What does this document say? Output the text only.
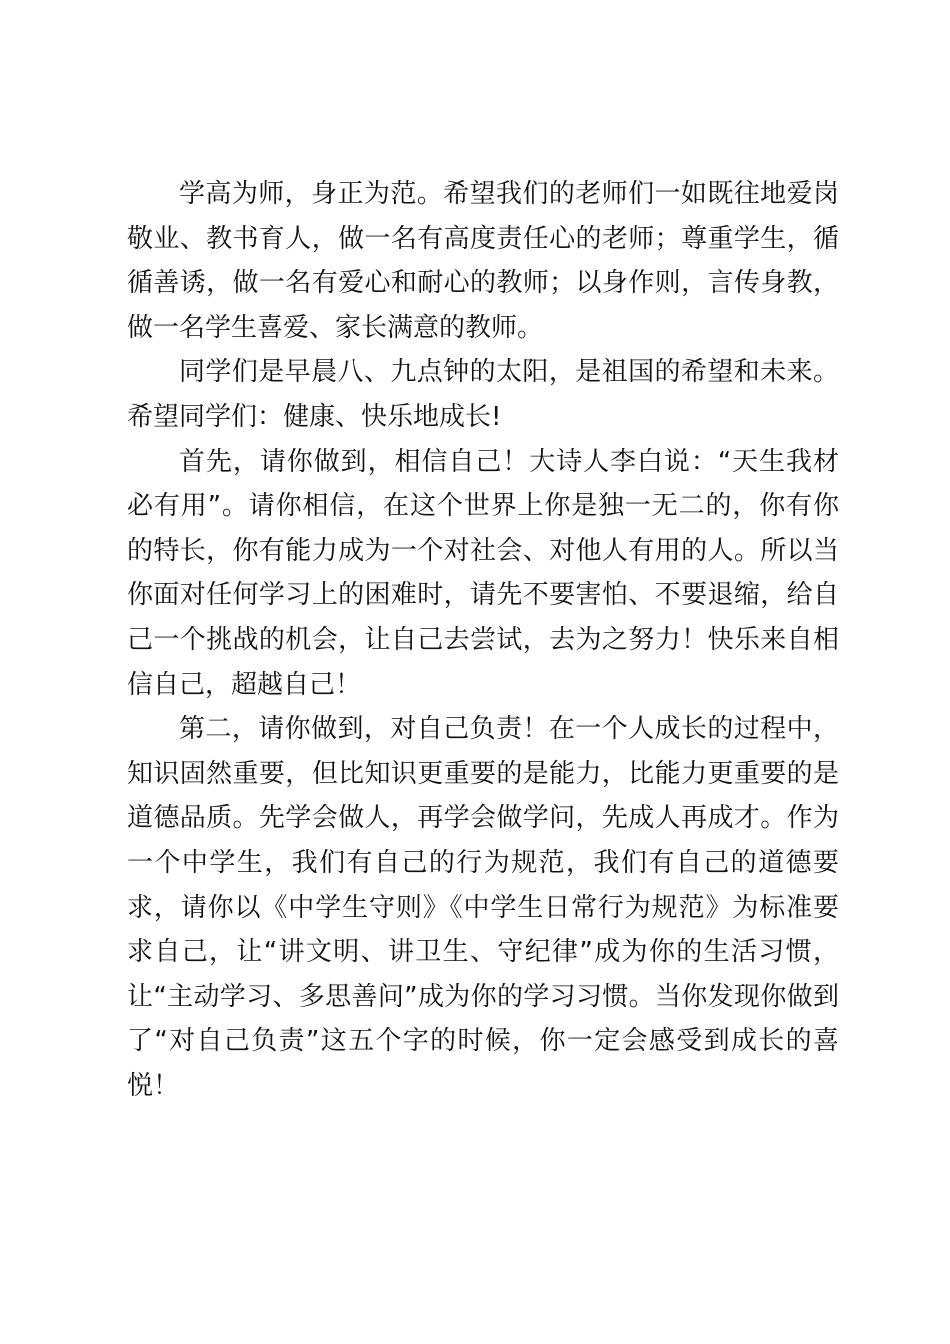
学高为师，身正为范。希望我们的老师们一如既往地爱岗敬业、教书育人，做一名有高度责任心的老师；尊重学生，循循善诱，做一名有爱心和耐心的教师；以身作则，言传身教，做一名学生喜爱、家长满意的教师。

同学们是早晨八、九点钟的太阳，是祖国的希望和未来。希望同学们：健康、快乐地成长!

首先，请你做到，相信自己！大诗人李白说：“天生我材必有用”。请你相信，在这个世界上你是独一无二的，你有你的特长，你有能力成为一个对社会、对他人有用的人。所以当你面对任何学习上的困难时，请先不要害怕、不要退缩，给自己一个挑战的机会，让自己去尝试，去为之努力！快乐来自相信自己，超越自己！

第二，请你做到，对自己负责！在一个人成长的过程中，知识固然重要，但比知识更重要的是能力，比能力更重要的是道德品质。先学会做人，再学会做学问，先成人再成才。作为一个中学生，我们有自己的行为规范，我们有自己的道德要求，请你以《中学生守则》《中学生日常行为规范》为标准要求自己，让“讲文明、讲卫生、守纪律”成为你的生活习惯，让“主动学习、多思善问”成为你的学习习惯。当你发现你做到了“对自己负责”这五个字的时候，你一定会感受到成长的喜悦！
